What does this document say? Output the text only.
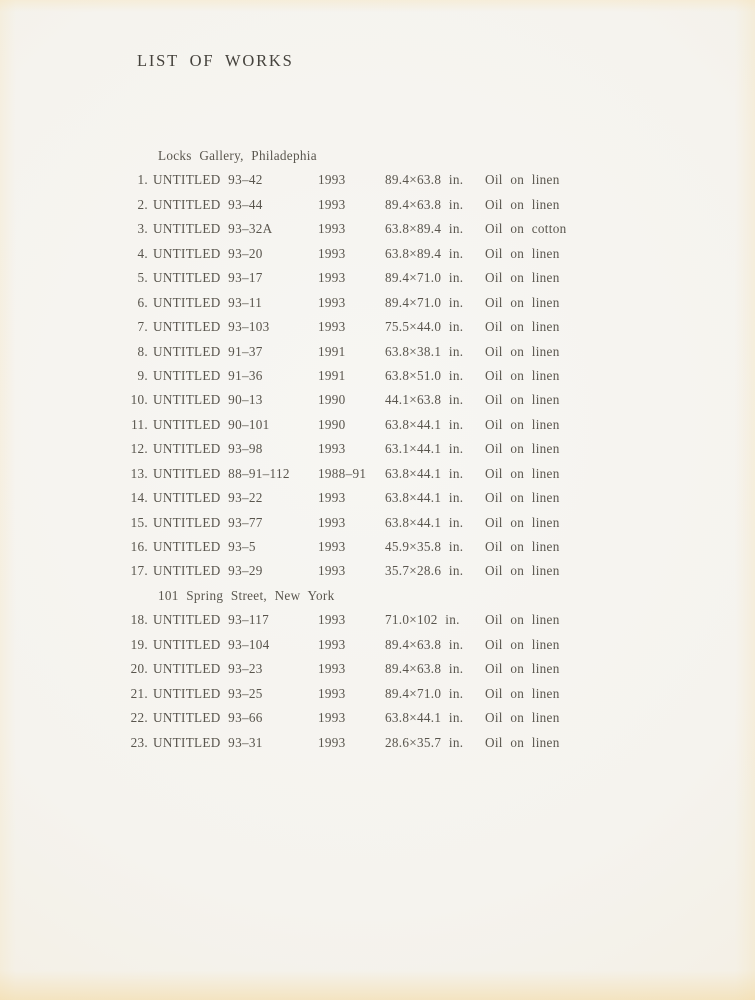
LIST OF WORKS
Locks Gallery, Philadephia
1. UNTITLED 93–42	1993	89.4×63.8 in.	Oil on linen
2. UNTITLED 93–44	1993	89.4×63.8 in.	Oil on linen
3. UNTITLED 93–32A	1993	63.8×89.4 in.	Oil on cotton
4. UNTITLED 93–20	1993	63.8×89.4 in.	Oil on linen
5. UNTITLED 93–17	1993	89.4×71.0 in.	Oil on linen
6. UNTITLED 93–11	1993	89.4×71.0 in.	Oil on linen
7. UNTITLED 93–103	1993	75.5×44.0 in.	Oil on linen
8. UNTITLED 91–37	1991	63.8×38.1 in.	Oil on linen
9. UNTITLED 91–36	1991	63.8×51.0 in.	Oil on linen
10. UNTITLED 90–13	1990	44.1×63.8 in.	Oil on linen
11. UNTITLED 90–101	1990	63.8×44.1 in.	Oil on linen
12. UNTITLED 93–98	1993	63.1×44.1 in.	Oil on linen
13. UNTITLED 88–91–112	1988–91	63.8×44.1 in.	Oil on linen
14. UNTITLED 93–22	1993	63.8×44.1 in.	Oil on linen
15. UNTITLED 93–77	1993	63.8×44.1 in.	Oil on linen
16. UNTITLED 93–5	1993	45.9×35.8 in.	Oil on linen
17. UNTITLED 93–29	1993	35.7×28.6 in.	Oil on linen
101 Spring Street, New York
18. UNTITLED 93–117	1993	71.0×102 in.	Oil on linen
19. UNTITLED 93–104	1993	89.4×63.8 in.	Oil on linen
20. UNTITLED 93–23	1993	89.4×63.8 in.	Oil on linen
21. UNTITLED 93–25	1993	89.4×71.0 in.	Oil on linen
22. UNTITLED 93–66	1993	63.8×44.1 in.	Oil on linen
23. UNTITLED 93–31	1993	28.6×35.7 in.	Oil on linen
